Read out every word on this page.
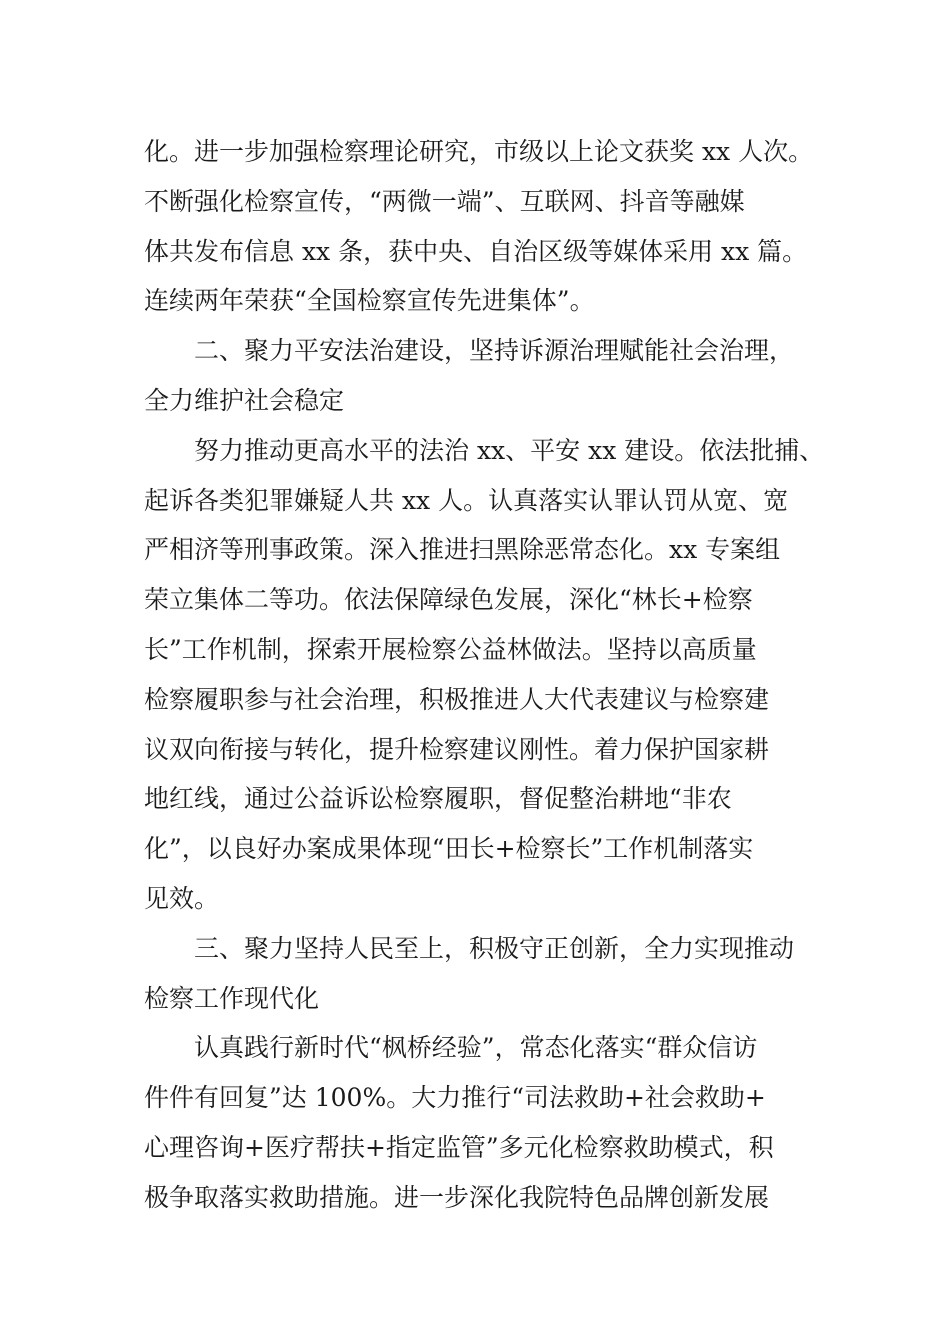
化。进一步加强检察理论研究，市级以上论文获奖 xx 人次。
不断强化检察宣传，“两微一端”、互联网、抖音等融媒
体共发布信息 xx 条，获中央、自治区级等媒体采用 xx 篇。
连续两年荣获“全国检察宣传先进集体”。
　　二、聚力平安法治建设，坚持诉源治理赋能社会治理，
全力维护社会稳定
　　努力推动更高水平的法治 xx、平安 xx 建设。依法批捕、
起诉各类犯罪嫌疑人共 xx 人。认真落实认罪认罚从宽、宽
严相济等刑事政策。深入推进扫黑除恶常态化。xx 专案组
荣立集体二等功。依法保障绿色发展，深化“林长+检察
长”工作机制，探索开展检察公益林做法。坚持以高质量
检察履职参与社会治理，积极推进人大代表建议与检察建
议双向衔接与转化，提升检察建议刚性。着力保护国家耕
地红线，通过公益诉讼检察履职，督促整治耕地“非农
化”，以良好办案成果体现“田长+检察长”工作机制落实
见效。
　　三、聚力坚持人民至上，积极守正创新，全力实现推动
检察工作现代化
　　认真践行新时代“枫桥经验”，常态化落实“群众信访
件件有回复”达 100%。大力推行“司法救助+社会救助+
心理咨询+医疗帮扶+指定监管”多元化检察救助模式，积
极争取落实救助措施。进一步深化我院特色品牌创新发展
